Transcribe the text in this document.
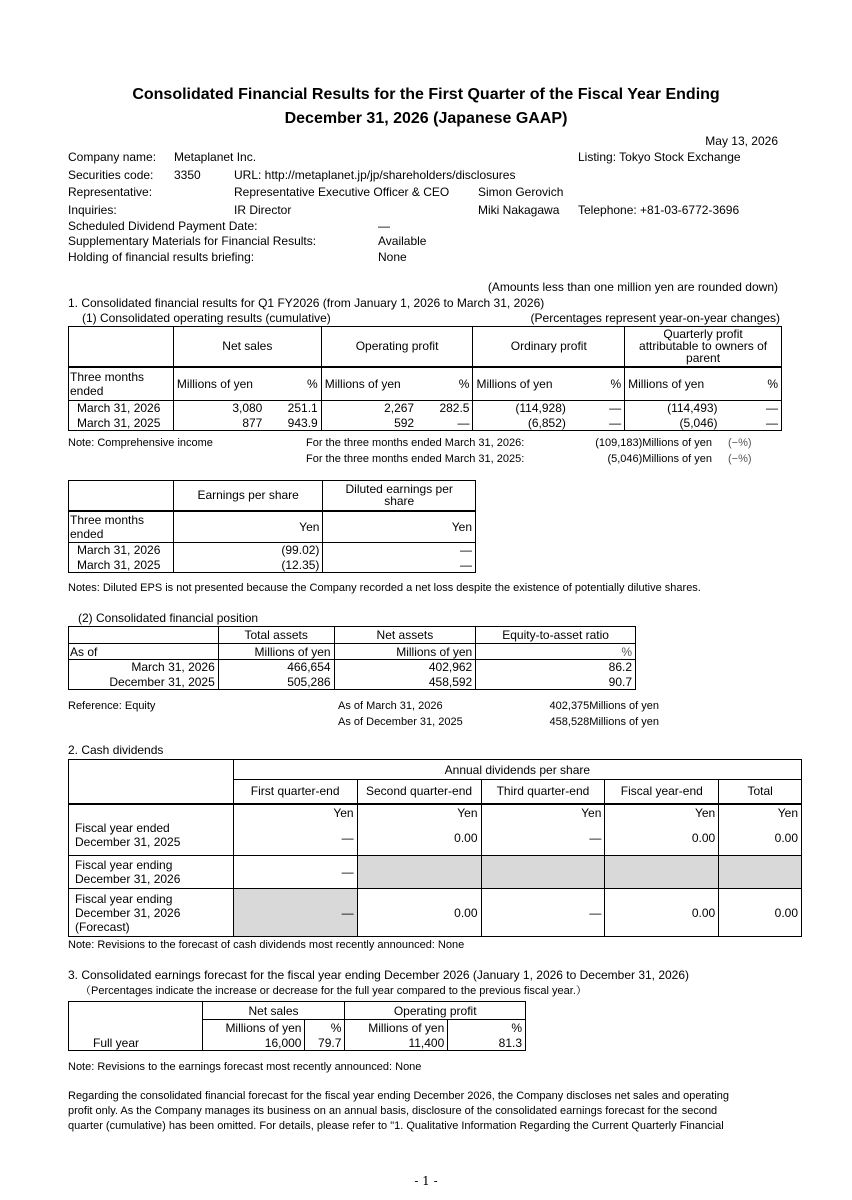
Consolidated Financial Results for the First Quarter of the Fiscal Year Ending
December 31, 2026 (Japanese GAAP)
May 13, 2026
Company name: Metaplanet Inc.	Listing: Tokyo Stock Exchange
Securities code: 3350	URL: http://metaplanet.jp/jp/shareholders/disclosures
Representative:	Representative Executive Officer & CEO Simon Gerovich
Inquiries:	IR Director	Miki Nakagawa Telephone: +81-03-6772-3696
Scheduled Dividend Payment Date:	―
Supplementary Materials for Financial Results:	Available
Holding of financial results briefing:	None
(Amounts less than one million yen are rounded down)
1. Consolidated financial results for Q1 FY2026 (from January 1, 2026 to March 31, 2026)
(1) Consolidated operating results (cumulative)	(Percentages represent year-on-year changes)
	Net sales		Operating profit		Ordinary profit		Quarterly profit
attributable to owners of
parent	

Three months
ended	Millions of yen	%	Millions of yen	%	Millions of yen	%	Millions of yen	%
March 31, 2026	3,080	251.1	2,267	282.5	(114,928)	―	(114,493)	―
March 31, 2025	877	943.9	592	―	(6,852)	―	(5,046)	―
Note: Comprehensive income	For the three months ended March 31, 2026:	(109,183)Millions of yen (−%)
For the three months ended March 31, 2025:	(5,046)Millions of yen (−%)
	Earnings per share	Diluted earnings per
share

Three months
ended	Yen	Yen
March 31, 2026	(99.02)	―
March 31, 2025	(12.35)	―
Notes: Diluted EPS is not presented because the Company recorded a net loss despite the existence of potentially dilutive shares.
(2) Consolidated financial position
	Total assets	Net assets	Equity-to-asset ratio
As of	Millions of yen	Millions of yen	%
March 31, 2026	466,654	402,962	86.2
December 31, 2025	505,286	458,592	90.7
Reference: Equity	As of March 31, 2026	402,375Millions of yen
As of December 31, 2025	458,528Millions of yen
2. Cash dividends
	Annual dividends per share				
	First quarter-end	Second quarter-end	Third quarter-end	Fiscal year-end	Total
	Yen	Yen	Yen	Yen	Yen

Fiscal year ended
December 31, 2025	―	0.00	―	0.00	0.00

Fiscal year ending
December 31, 2026	―				

Fiscal year ending
December 31, 2026
(Forecast)	―	0.00	―	0.00	0.00
Note: Revisions to the forecast of cash dividends most recently announced: None
3. Consolidated earnings forecast for the fiscal year ending December 2026 (January 1, 2026 to December 31, 2026)
（Percentages indicate the increase or decrease for the full year compared to the previous fiscal year.）
	Net sales		Operating profit	
	Millions of yen	%	Millions of yen	%
Full year	16,000	79.7	11,400	81.3
Note: Revisions to the earnings forecast most recently announced: None
Regarding the consolidated financial forecast for the fiscal year ending December 2026, the Company discloses net sales and operating
profit only. As the Company manages its business on an annual basis, disclosure of the consolidated earnings forecast for the second
quarter (cumulative) has been omitted. For details, please refer to "1. Qualitative Information Regarding the Current Quarterly Financial
- 1 -
